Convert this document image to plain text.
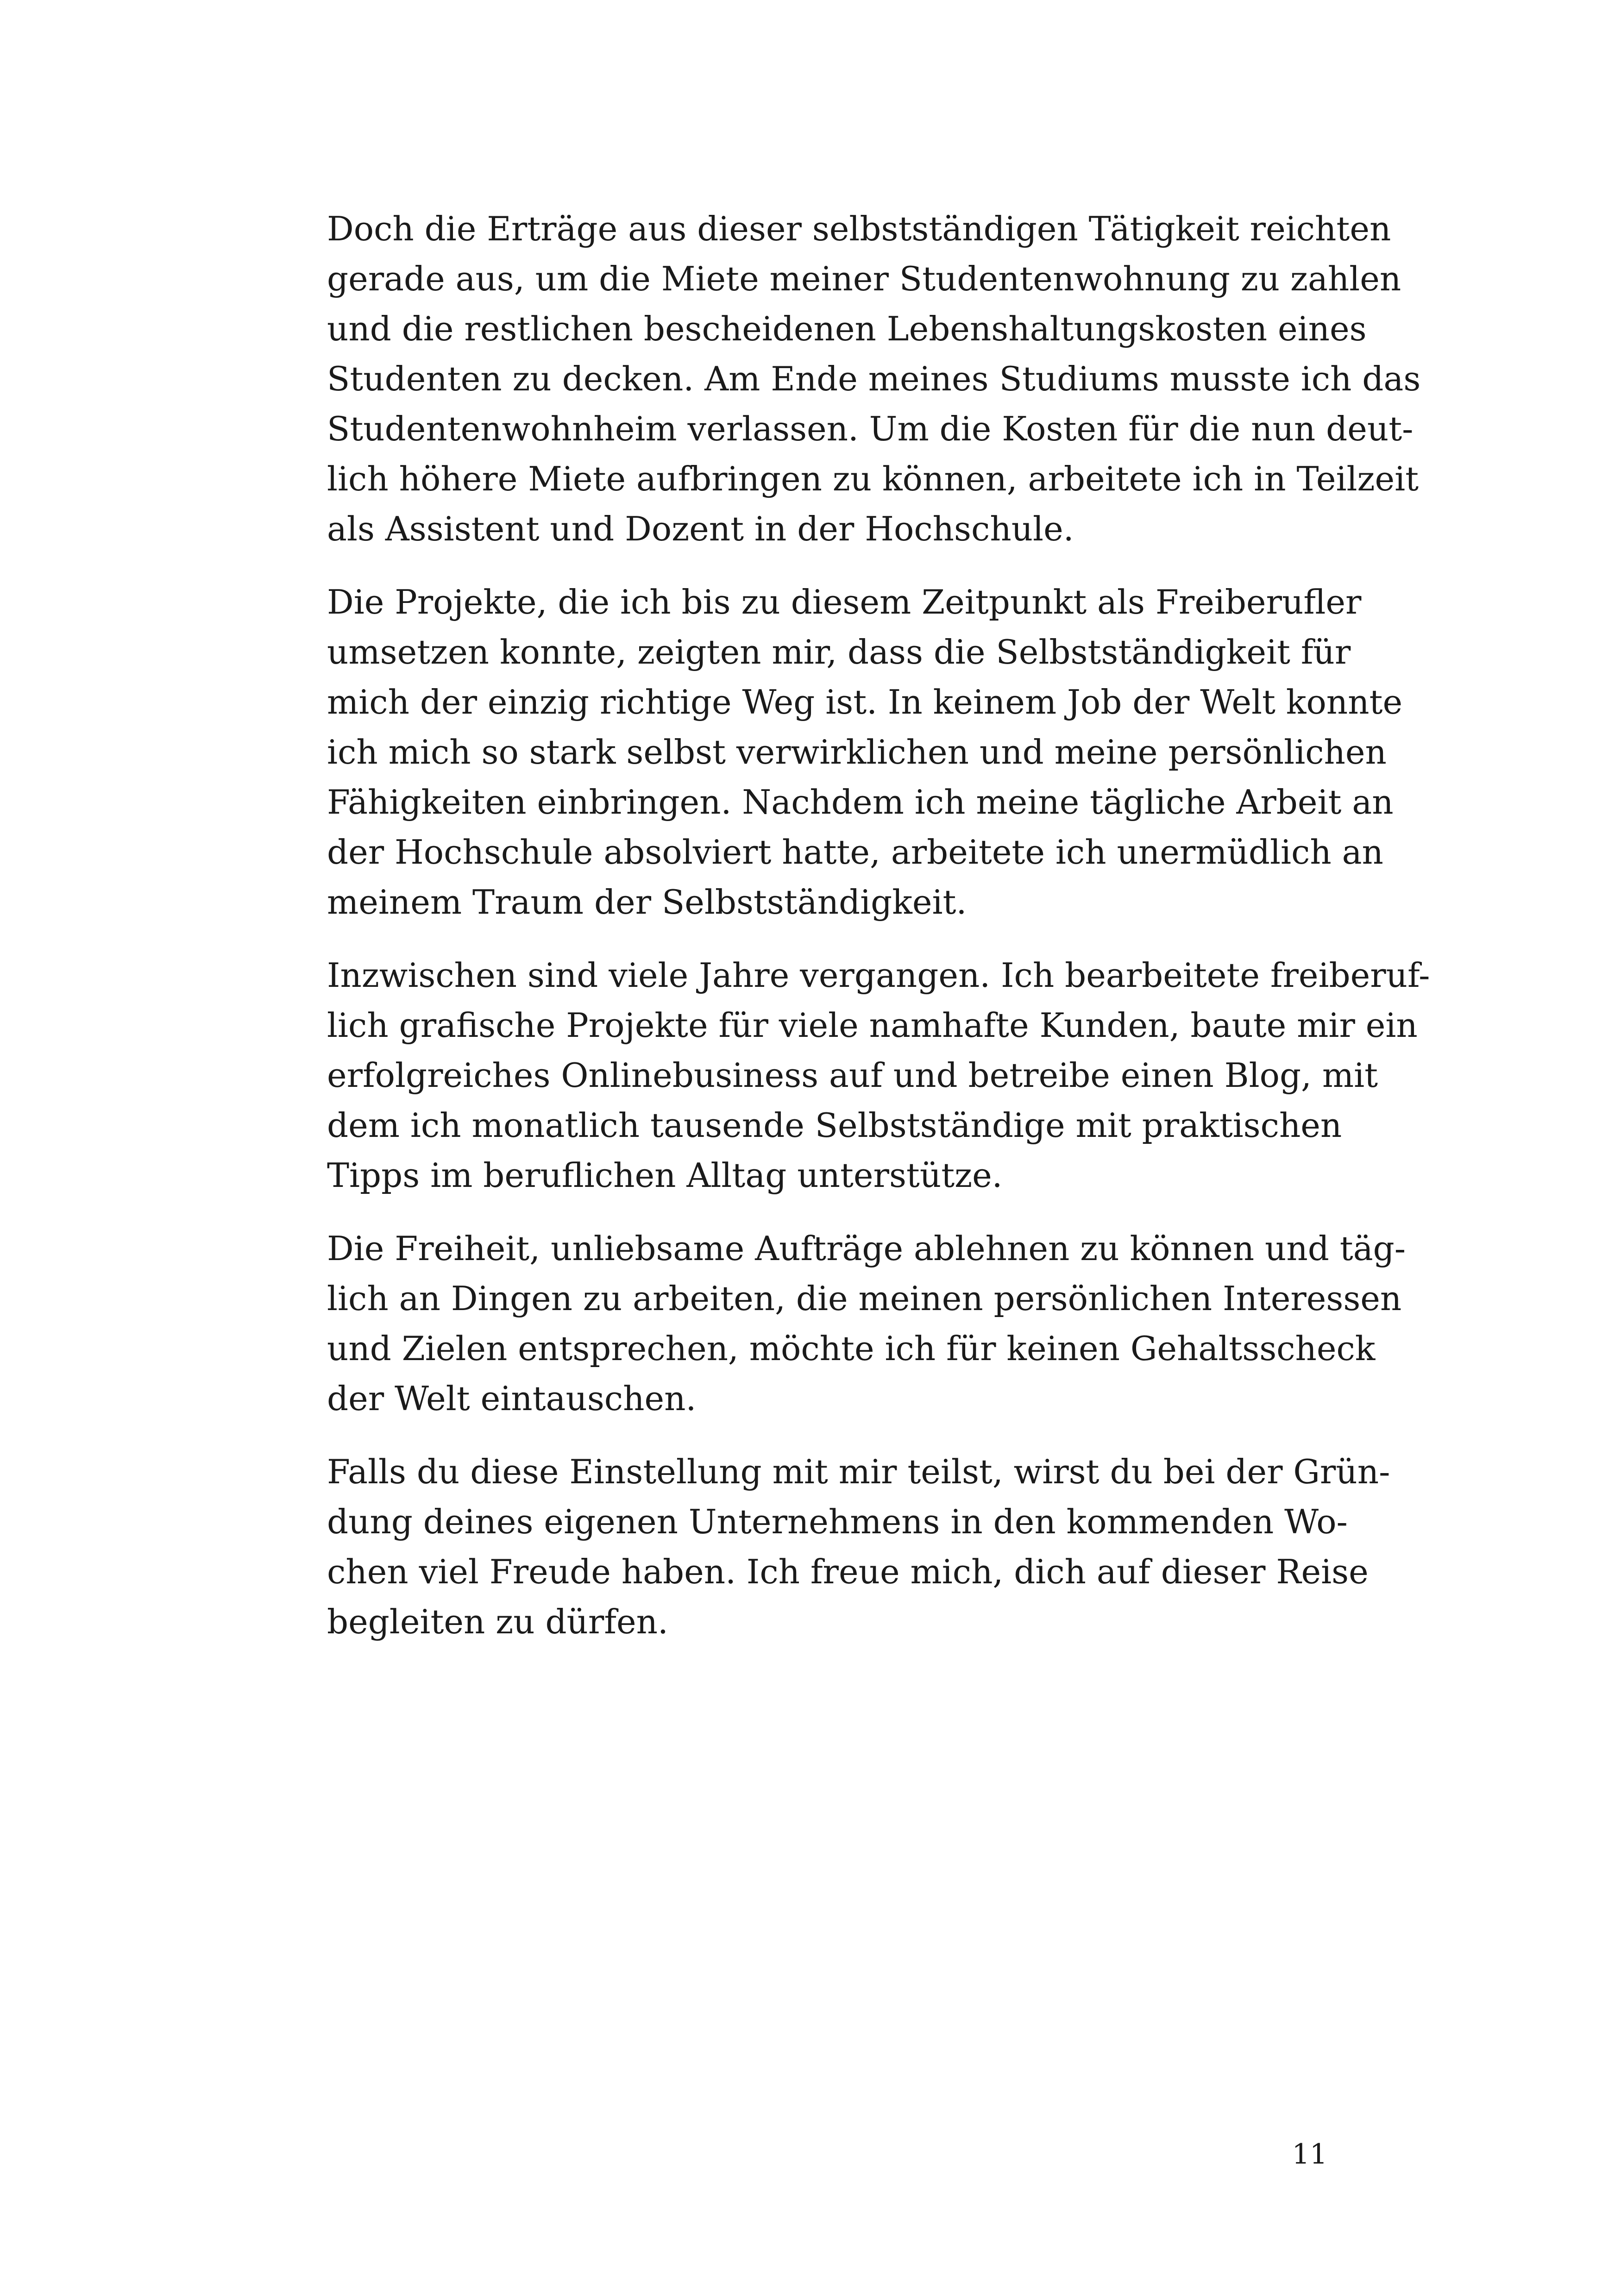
Doch die Erträge aus dieser selbstständigen Tätigkeit reichten
gerade aus, um die Miete meiner Studentenwohnung zu zahlen
und die restlichen bescheidenen Lebenshaltungskosten eines
Studenten zu decken. Am Ende meines Studiums musste ich das
Studentenwohnheim verlassen. Um die Kosten für die nun deut-
lich höhere Miete aufbringen zu können, arbeitete ich in Teilzeit
als Assistent und Dozent in der Hochschule.

Die Projekte, die ich bis zu diesem Zeitpunkt als Freiberufler
umsetzen konnte, zeigten mir, dass die Selbstständigkeit für
mich der einzig richtige Weg ist. In keinem Job der Welt konnte
ich mich so stark selbst verwirklichen und meine persönlichen
Fähigkeiten einbringen. Nachdem ich meine tägliche Arbeit an
der Hochschule absolviert hatte, arbeitete ich unermüdlich an
meinem Traum der Selbstständigkeit.

Inzwischen sind viele Jahre vergangen. Ich bearbeitete freiberuf-
lich grafische Projekte für viele namhafte Kunden, baute mir ein
erfolgreiches Onlinebusiness auf und betreibe einen Blog, mit
dem ich monatlich tausende Selbstständige mit praktischen
Tipps im beruflichen Alltag unterstütze.

Die Freiheit, unliebsame Aufträge ablehnen zu können und täg-
lich an Dingen zu arbeiten, die meinen persönlichen Interessen
und Zielen entsprechen, möchte ich für keinen Gehaltsscheck
der Welt eintauschen.

Falls du diese Einstellung mit mir teilst, wirst du bei der Grün-
dung deines eigenen Unternehmens in den kommenden Wo-
chen viel Freude haben. Ich freue mich, dich auf dieser Reise
begleiten zu dürfen.

11
